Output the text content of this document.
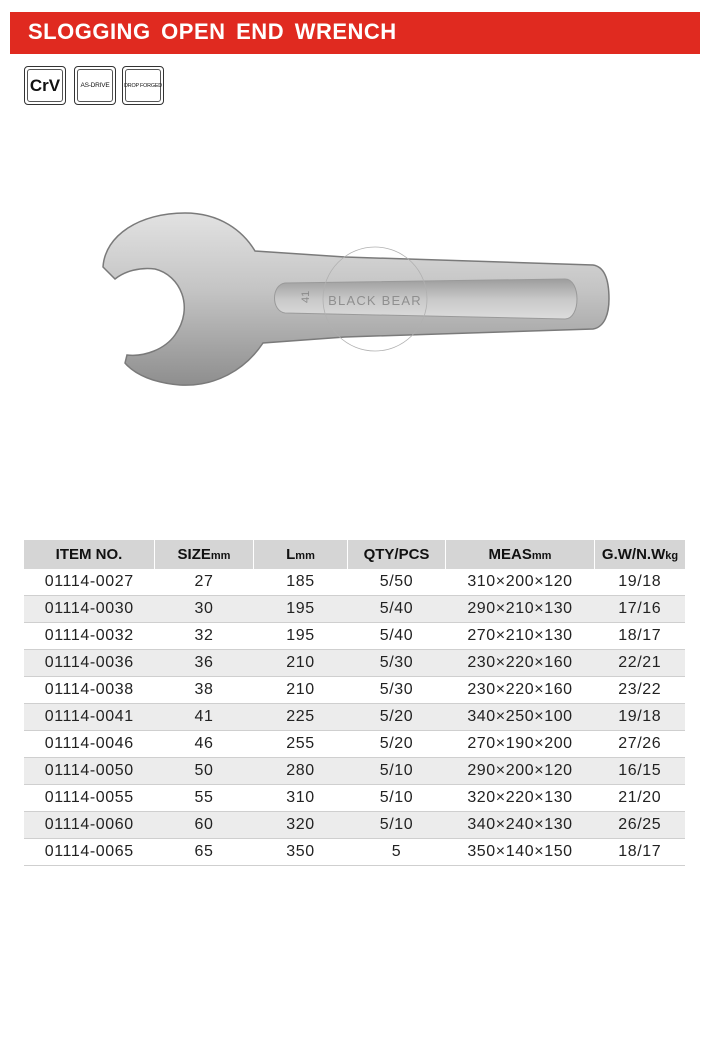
SLOGGING OPEN END WRENCH
CrV	AS-DRIVE	DROP FORGED
41 BLACK BEAR
ITEM NO.	SIZEmm	Lmm	QTY/PCS	MEASmm	G.W/N.Wkg
01114-0027	27	185	5/50	310×200×120	19/18
01114-0030	30	195	5/40	290×210×130	17/16
01114-0032	32	195	5/40	270×210×130	18/17
01114-0036	36	210	5/30	230×220×160	22/21
01114-0038	38	210	5/30	230×220×160	23/22
01114-0041	41	225	5/20	340×250×100	19/18
01114-0046	46	255	5/20	270×190×200	27/26
01114-0050	50	280	5/10	290×200×120	16/15
01114-0055	55	310	5/10	320×220×130	21/20
01114-0060	60	320	5/10	340×240×130	26/25
01114-0065	65	350	5	350×140×150	18/17
